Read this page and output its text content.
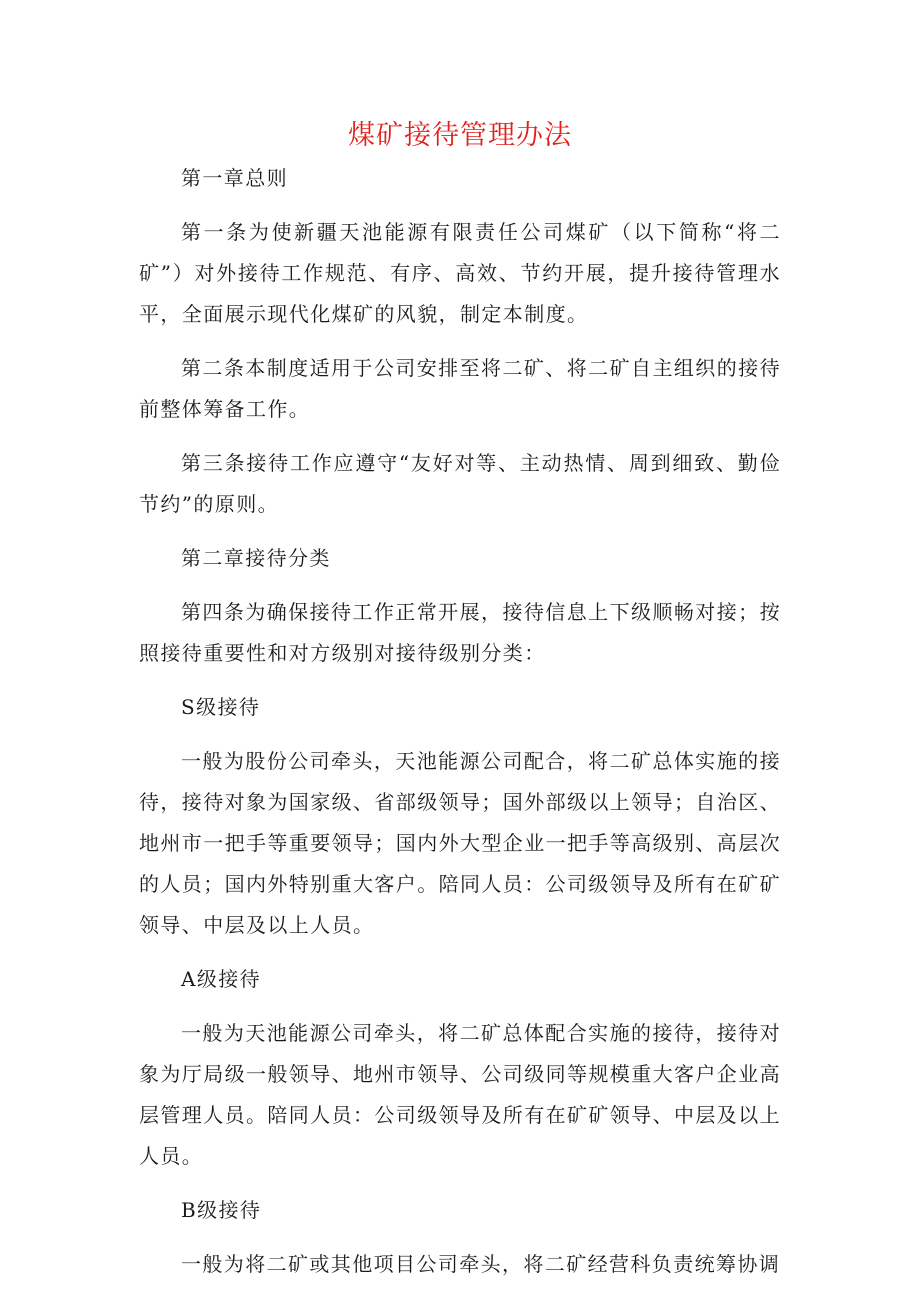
煤矿接待管理办法

第一章总则

第一条为使新疆天池能源有限责任公司煤矿（以下简称“将二矿”）对外接待工作规范、有序、高效、节约开展，提升接待管理水平，全面展示现代化煤矿的风貌，制定本制度。

第二条本制度适用于公司安排至将二矿、将二矿自主组织的接待前整体筹备工作。

第三条接待工作应遵守“友好对等、主动热情、周到细致、勤俭节约”的原则。

第二章接待分类

第四条为确保接待工作正常开展，接待信息上下级顺畅对接；按照接待重要性和对方级别对接待级别分类：

S级接待

一般为股份公司牵头，天池能源公司配合，将二矿总体实施的接待，接待对象为国家级、省部级领导；国外部级以上领导；自治区、地州市一把手等重要领导；国内外大型企业一把手等高级别、高层次的人员；国内外特别重大客户。陪同人员：公司级领导及所有在矿矿领导、中层及以上人员。

A级接待

一般为天池能源公司牵头，将二矿总体配合实施的接待，接待对象为厅局级一般领导、地州市领导、公司级同等规模重大客户企业高层管理人员。陪同人员：公司级领导及所有在矿矿领导、中层及以上人员。

B级接待

一般为将二矿或其他项目公司牵头，将二矿经营科负责统筹协调
